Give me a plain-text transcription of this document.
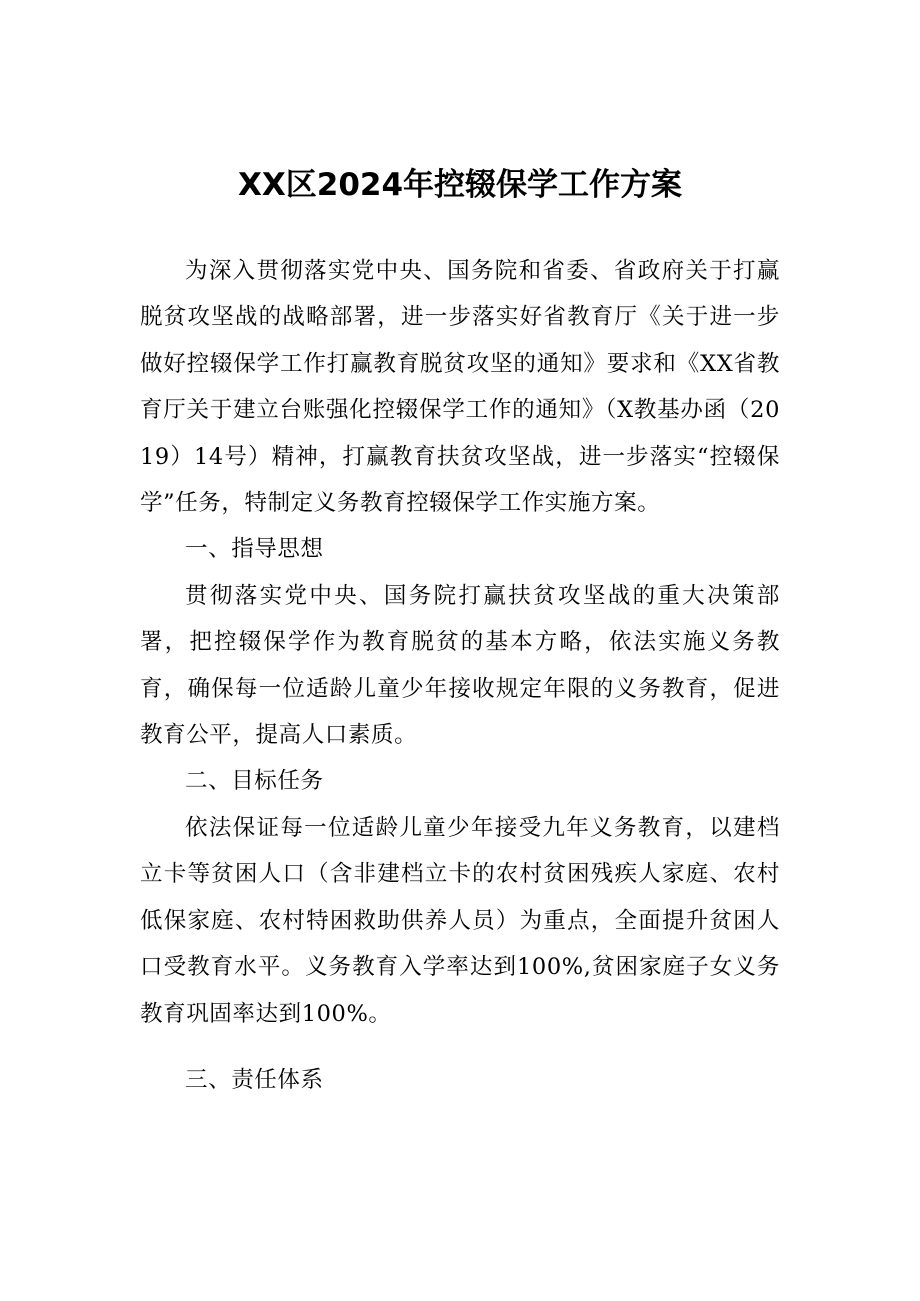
XX区2024年控辍保学工作方案

为深入贯彻落实党中央、国务院和省委、省政府关于打赢脱贫攻坚战的战略部署，进一步落实好省教育厅《关于进一步做好控辍保学工作打赢教育脱贫攻坚的通知》要求和《XX省教育厅关于建立台账强化控辍保学工作的通知》（X教基办函（2019）14号）精神，打赢教育扶贫攻坚战，进一步落实“控辍保学”任务，特制定义务教育控辍保学工作实施方案。

一、指导思想

贯彻落实党中央、国务院打赢扶贫攻坚战的重大决策部署，把控辍保学作为教育脱贫的基本方略，依法实施义务教育，确保每一位适龄儿童少年接收规定年限的义务教育，促进教育公平，提高人口素质。

二、目标任务

依法保证每一位适龄儿童少年接受九年义务教育，以建档立卡等贫困人口（含非建档立卡的农村贫困残疾人家庭、农村低保家庭、农村特困救助供养人员）为重点，全面提升贫困人口受教育水平。义务教育入学率达到100%,贫困家庭子女义务教育巩固率达到100%。

三、责任体系
